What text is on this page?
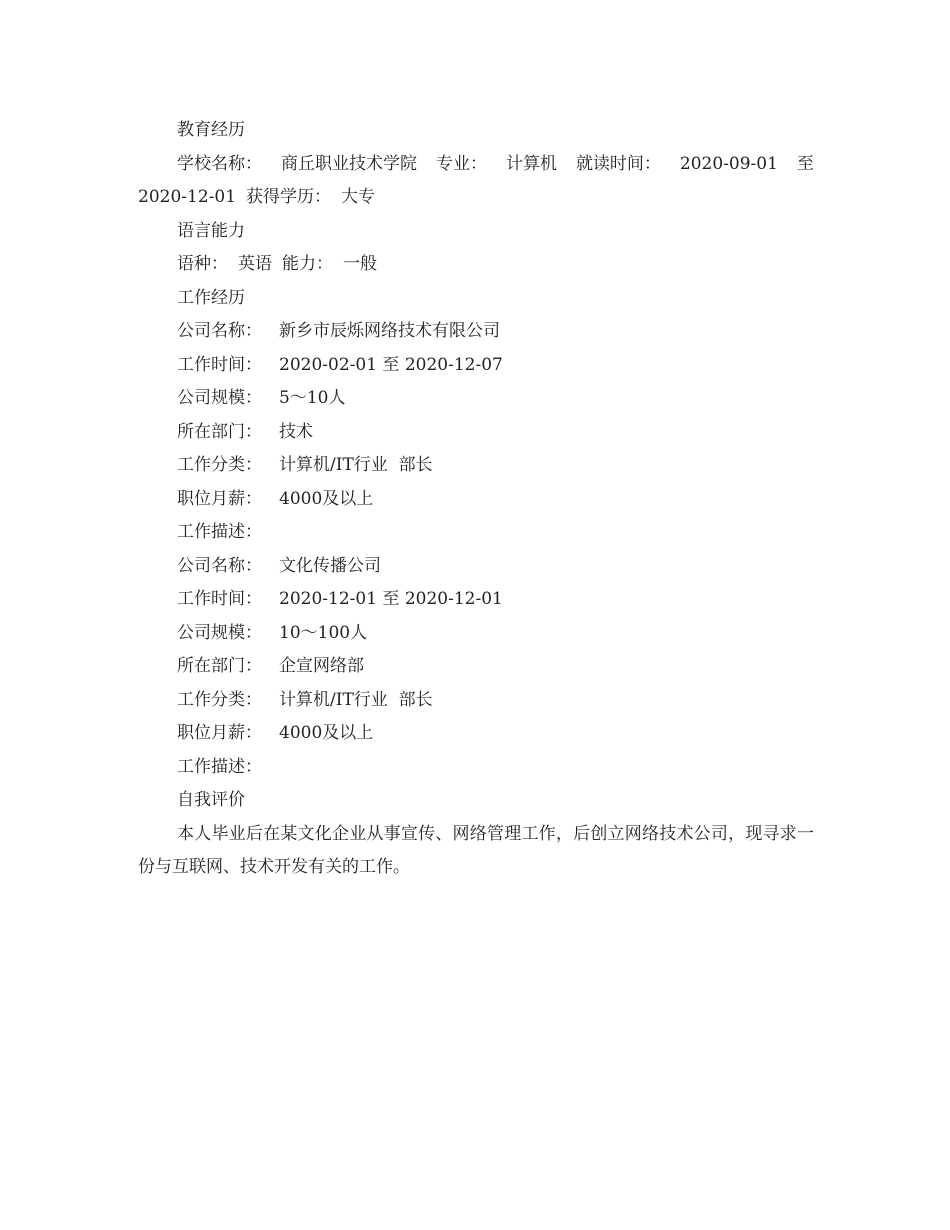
教育经历
学校名称： 商丘职业技术学院 专业： 计算机 就读时间： 2020-09-01 至
2020-12-01 获得学历： 大专
语言能力
语种： 英语 能力： 一般
工作经历
公司名称： 新乡市辰烁网络技术有限公司
工作时间： 2020-02-01 至 2020-12-07
公司规模： 5～10人
所在部门： 技术
工作分类： 计算机/IT行业  部长
职位月薪： 4000及以上
工作描述：
公司名称： 文化传播公司
工作时间： 2020-12-01 至 2020-12-01
公司规模： 10～100人
所在部门： 企宣网络部
工作分类： 计算机/IT行业  部长
职位月薪： 4000及以上
工作描述：
自我评价
本人毕业后在某文化企业从事宣传、网络管理工作，后创立网络技术公司，现寻求一份与互联网、技术开发有关的工作。
